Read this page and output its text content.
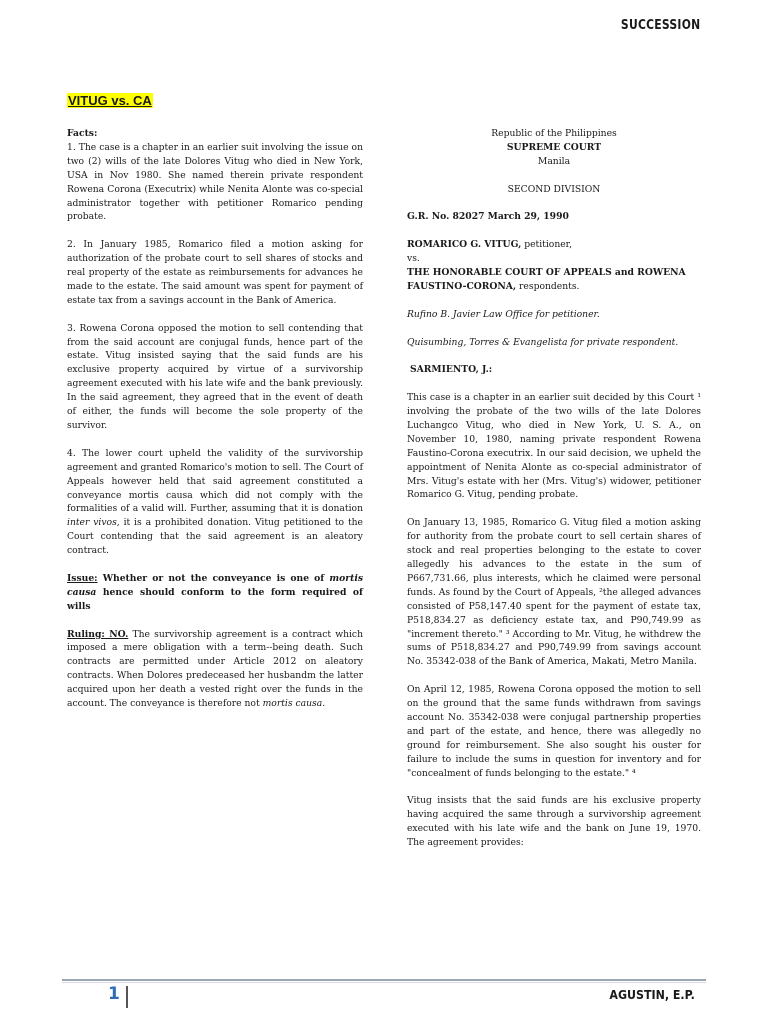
SUCCESSION
VITUG vs. CA

Facts:

1. The case is a chapter in an earlier suit involving the issue on two (2) wills of the late Dolores Vitug who died in New York, USA in Nov 1980. She named therein private respondent Rowena Corona (Executrix) while Nenita Alonte was co-special administrator together with petitioner Romarico pending probate.

2. In January 1985, Romarico filed a motion asking for authorization of the probate court to sell shares of stocks and real property of the estate as reimbursements for advances he made to the estate. The said amount was spent for payment of estate tax from a savings account in the Bank of America.

3. Rowena Corona opposed the motion to sell contending that from the said account are conjugal funds, hence part of the estate. Vitug insisted saying that the said funds are his exclusive property acquired by virtue of a survivorship agreement executed with his late wife and the bank previously. In the said agreement, they agreed that in the event of death of either, the funds will become the sole property of the survivor.

4. The lower court upheld the validity of the survivorship agreement and granted Romarico's motion to sell. The Court of Appeals however held that said agreement constituted a conveyance mortis causa which did not comply with the formalities of a valid will. Further, assuming that it is donation inter vivos, it is a prohibited donation. Vitug petitioned to the Court contending that the said agreement is an aleatory contract.

Issue: Whether or not the conveyance is one of mortis causa hence should conform to the form required of wills

Ruling: NO. The survivorship agreement is a contract which imposed a mere obligation with a term--being death. Such contracts are permitted under Article 2012 on aleatory contracts. When Dolores predeceased her husbandm the latter acquired upon her death a vested right over the funds in the account. The conveyance is therefore not mortis causa.

Republic of the Philippines

SUPREME COURT

Manila

SECOND DIVISION

G.R. No. 82027 March 29, 1990

ROMARICO G. VITUG, petitioner,

vs.

THE HONORABLE COURT OF APPEALS and ROWENA FAUSTINO-CORONA, respondents.

Rufino B. Javier Law Office for petitioner.

Quisumbing, Torres & Evangelista for private respondent.

SARMIENTO, J.:

This case is a chapter in an earlier suit decided by this Court ¹ involving the probate of the two wills of the late Dolores Luchangco Vitug, who died in New York, U. S. A., on November 10, 1980, naming private respondent Rowena Faustino-Corona executrix. In our said decision, we upheld the appointment of Nenita Alonte as co-special administrator of Mrs. Vitug's estate with her (Mrs. Vitug's) widower, petitioner Romarico G. Vitug, pending probate.

On January 13, 1985, Romarico G. Vitug filed a motion asking for authority from the probate court to sell certain shares of stock and real properties belonging to the estate to cover allegedly his advances to the estate in the sum of P667,731.66, plus interests, which he claimed were personal funds. As found by the Court of Appeals, ²the alleged advances consisted of P58,147.40 spent for the payment of estate tax, P518,834.27 as deficiency estate tax, and P90,749.99 as "increment thereto." ³ According to Mr. Vitug, he withdrew the sums of P518,834.27 and P90,749.99 from savings account No. 35342-038 of the Bank of America, Makati, Metro Manila.

On April 12, 1985, Rowena Corona opposed the motion to sell on the ground that the same funds withdrawn from savings account No. 35342-038 were conjugal partnership properties and part of the estate, and hence, there was allegedly no ground for reimbursement. She also sought his ouster for failure to include the sums in question for inventory and for "concealment of funds belonging to the estate." ⁴

Vitug insists that the said funds are his exclusive property having acquired the same through a survivorship agreement executed with his late wife and the bank on June 19, 1970. The agreement provides:

1	AGUSTIN, E.P.
